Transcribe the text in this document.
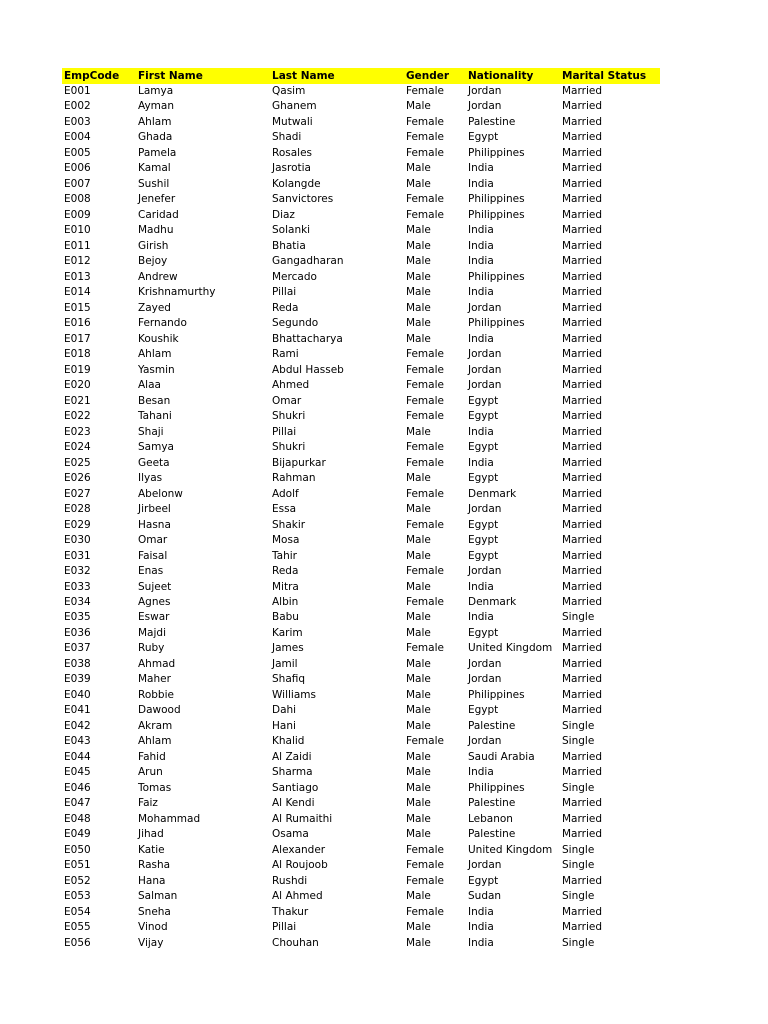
EmpCode	First Name	Last Name	Gender	Nationality	Marital Status
E001	Lamya	Qasim	Female	Jordan	Married
E002	Ayman	Ghanem	Male	Jordan	Married
E003	Ahlam	Mutwali	Female	Palestine	Married
E004	Ghada	Shadi	Female	Egypt	Married
E005	Pamela	Rosales	Female	Philippines	Married
E006	Kamal	Jasrotia	Male	India	Married
E007	Sushil	Kolangde	Male	India	Married
E008	Jenefer	Sanvictores	Female	Philippines	Married
E009	Caridad	Diaz	Female	Philippines	Married
E010	Madhu	Solanki	Male	India	Married
E011	Girish	Bhatia	Male	India	Married
E012	Bejoy	Gangadharan	Male	India	Married
E013	Andrew	Mercado	Male	Philippines	Married
E014	Krishnamurthy	Pillai	Male	India	Married
E015	Zayed	Reda	Male	Jordan	Married
E016	Fernando	Segundo	Male	Philippines	Married
E017	Koushik	Bhattacharya	Male	India	Married
E018	Ahlam	Rami	Female	Jordan	Married
E019	Yasmin	Abdul Hasseb	Female	Jordan	Married
E020	Alaa	Ahmed	Female	Jordan	Married
E021	Besan	Omar	Female	Egypt	Married
E022	Tahani	Shukri	Female	Egypt	Married
E023	Shaji	Pillai	Male	India	Married
E024	Samya	Shukri	Female	Egypt	Married
E025	Geeta	Bijapurkar	Female	India	Married
E026	Ilyas	Rahman	Male	Egypt	Married
E027	Abelonw	Adolf	Female	Denmark	Married
E028	Jirbeel	Essa	Male	Jordan	Married
E029	Hasna	Shakir	Female	Egypt	Married
E030	Omar	Mosa	Male	Egypt	Married
E031	Faisal	Tahir	Male	Egypt	Married
E032	Enas	Reda	Female	Jordan	Married
E033	Sujeet	Mitra	Male	India	Married
E034	Agnes	Albin	Female	Denmark	Married
E035	Eswar	Babu	Male	India	Single
E036	Majdi	Karim	Male	Egypt	Married
E037	Ruby	James	Female	United Kingdom	Married
E038	Ahmad	Jamil	Male	Jordan	Married
E039	Maher	Shafiq	Male	Jordan	Married
E040	Robbie	Williams	Male	Philippines	Married
E041	Dawood	Dahi	Male	Egypt	Married
E042	Akram	Hani	Male	Palestine	Single
E043	Ahlam	Khalid	Female	Jordan	Single
E044	Fahid	Al Zaidi	Male	Saudi Arabia	Married
E045	Arun	Sharma	Male	India	Married
E046	Tomas	Santiago	Male	Philippines	Single
E047	Faiz	Al Kendi	Male	Palestine	Married
E048	Mohammad	Al Rumaithi	Male	Lebanon	Married
E049	Jihad	Osama	Male	Palestine	Married
E050	Katie	Alexander	Female	United Kingdom	Single
E051	Rasha	Al Roujoob	Female	Jordan	Single
E052	Hana	Rushdi	Female	Egypt	Married
E053	Salman	Al Ahmed	Male	Sudan	Single
E054	Sneha	Thakur	Female	India	Married
E055	Vinod	Pillai	Male	India	Married
E056	Vijay	Chouhan	Male	India	Single
